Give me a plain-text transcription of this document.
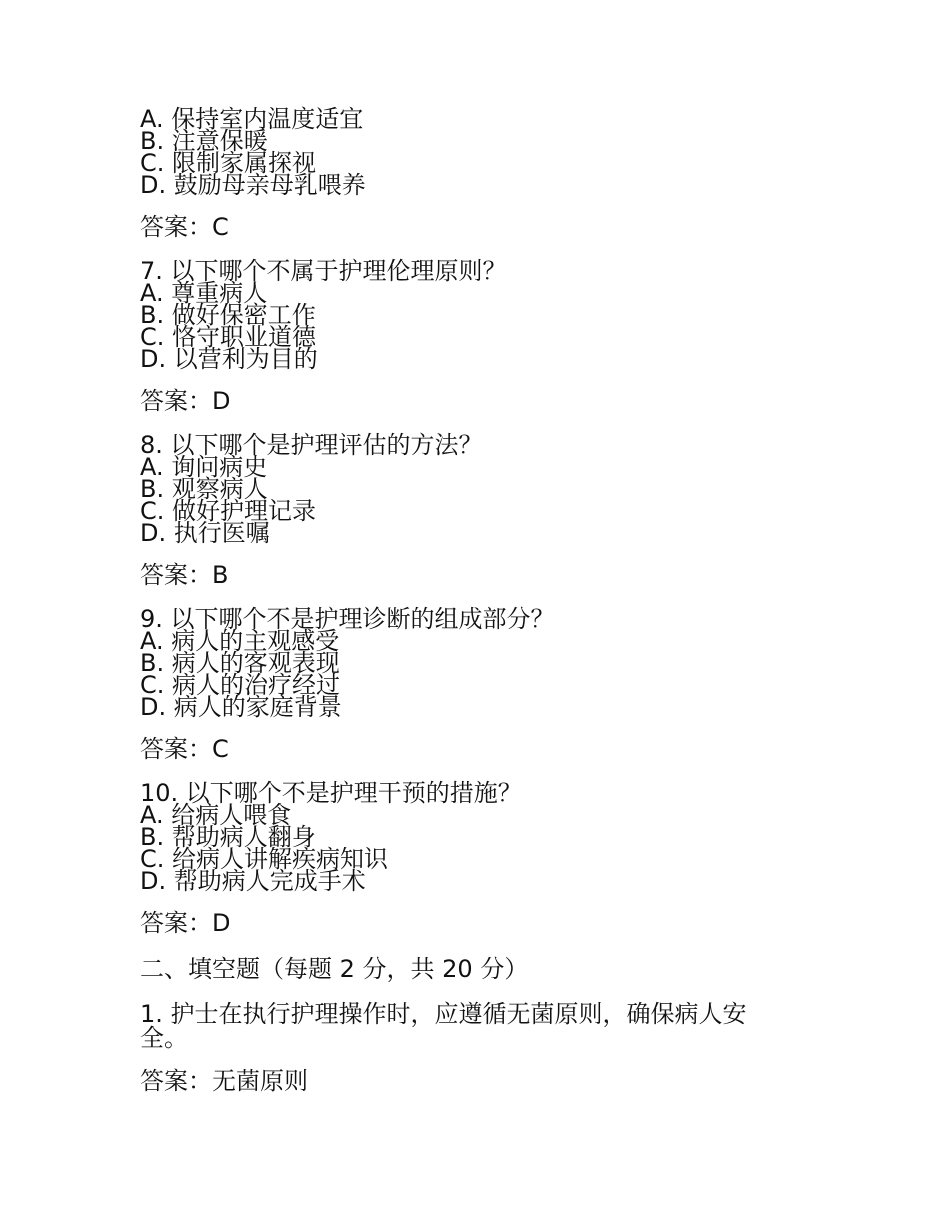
A. 保持室内温度适宜
B. 注意保暖
C. 限制家属探视
D. 鼓励母亲母乳喂养
答案：C
7. 以下哪个不属于护理伦理原则？
A. 尊重病人
B. 做好保密工作
C. 恪守职业道德
D. 以营利为目的
答案：D
8. 以下哪个是护理评估的方法？
A. 询问病史
B. 观察病人
C. 做好护理记录
D. 执行医嘱
答案：B
9. 以下哪个不是护理诊断的组成部分？
A. 病人的主观感受
B. 病人的客观表现
C. 病人的治疗经过
D. 病人的家庭背景
答案：C
10. 以下哪个不是护理干预的措施？
A. 给病人喂食
B. 帮助病人翻身
C. 给病人讲解疾病知识
D. 帮助病人完成手术
答案：D
二、填空题（每题 2 分，共 20 分）
1. 护士在执行护理操作时，应遵循无菌原则，确保病人安全。
答案：无菌原则
